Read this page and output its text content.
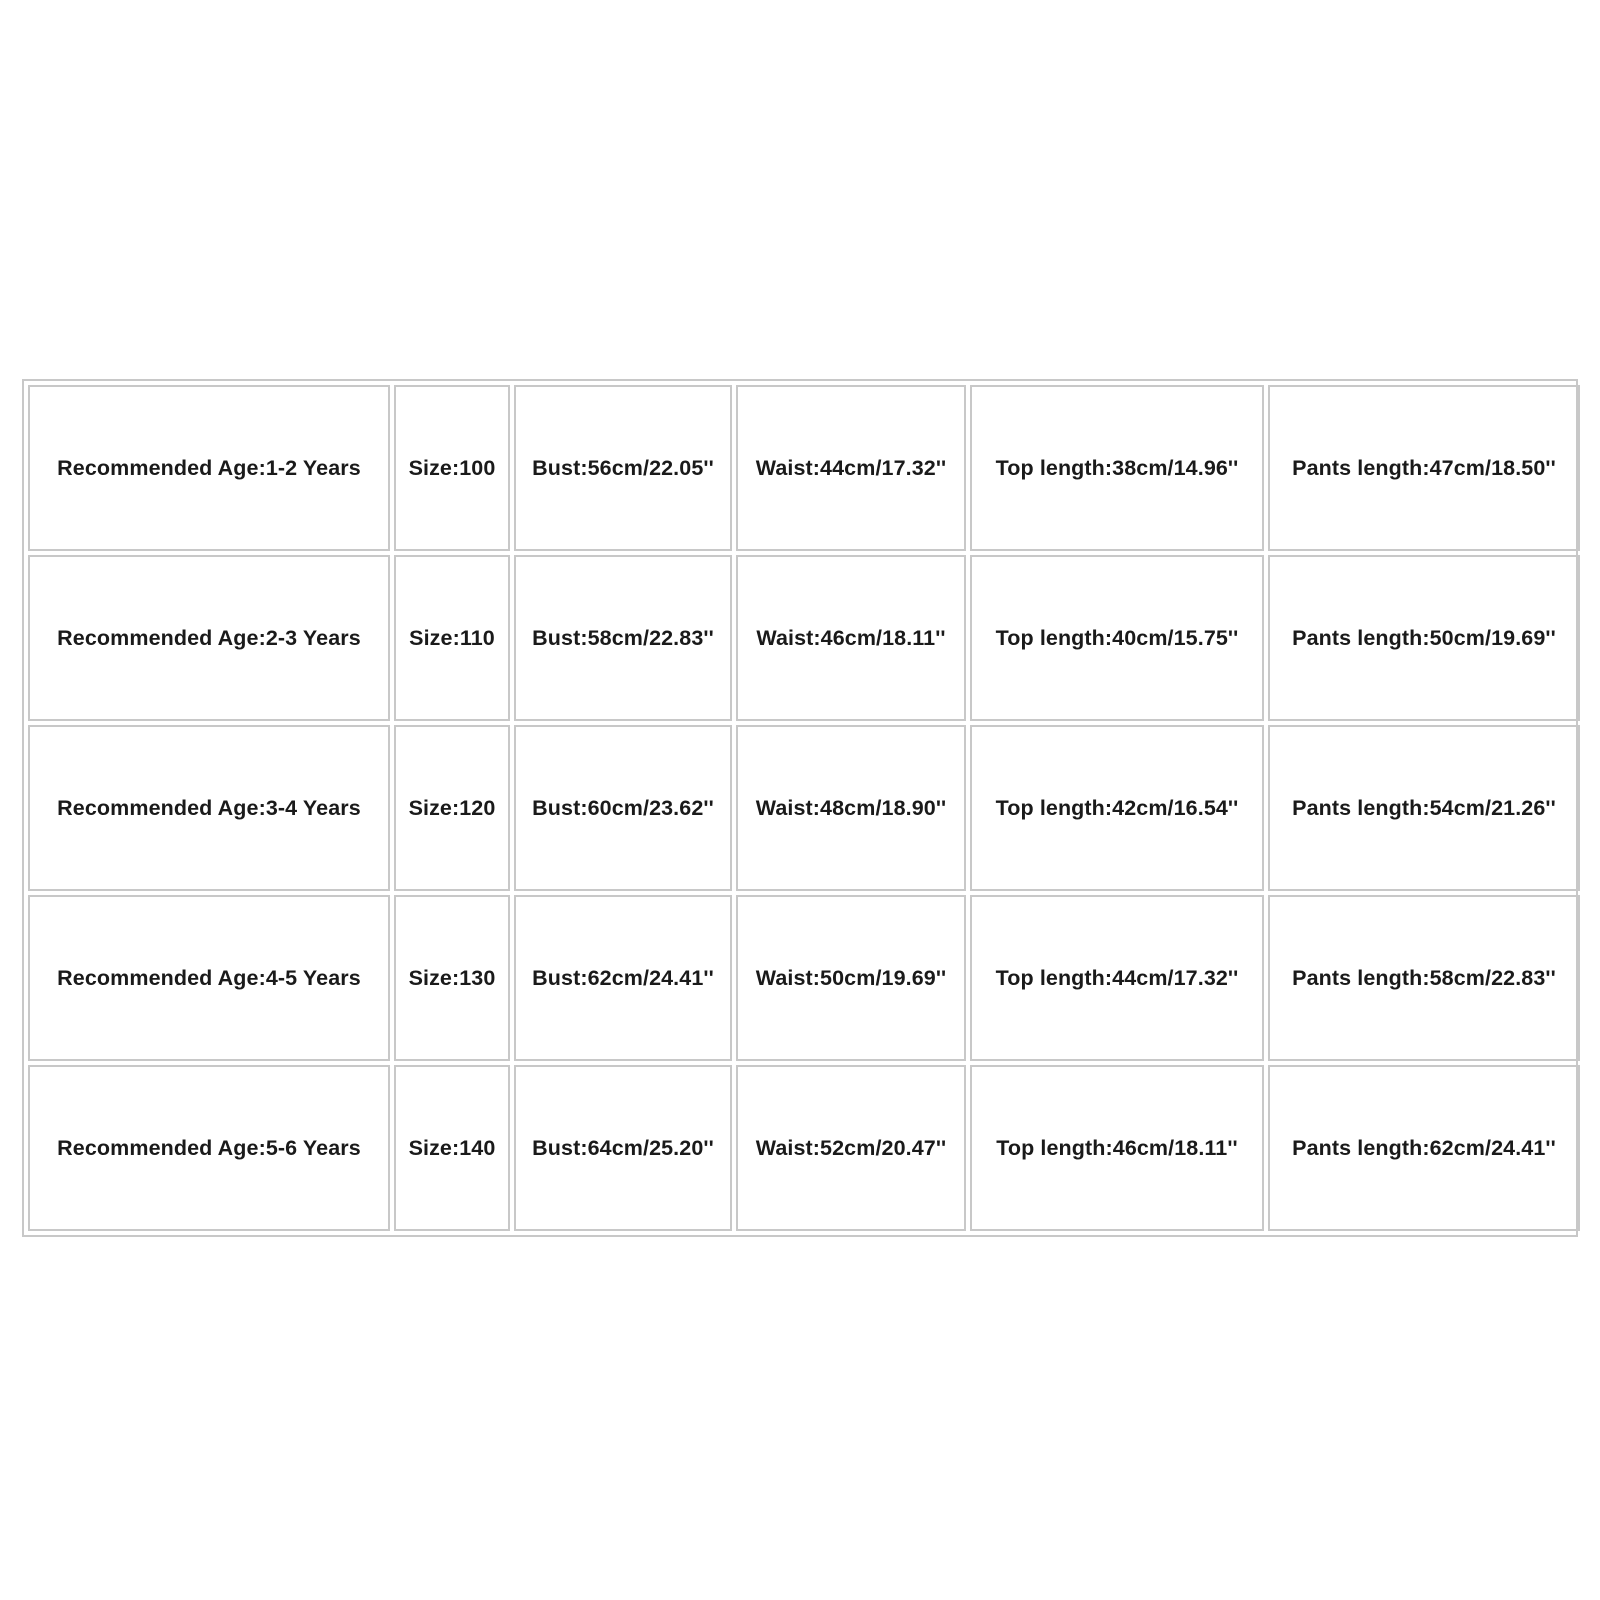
Recommended Age:1-2 Years	Size:100	Bust:56cm/22.05''	Waist:44cm/17.32''	Top length:38cm/14.96''	Pants length:47cm/18.50''
Recommended Age:2-3 Years	Size:110	Bust:58cm/22.83''	Waist:46cm/18.11''	Top length:40cm/15.75''	Pants length:50cm/19.69''
Recommended Age:3-4 Years	Size:120	Bust:60cm/23.62''	Waist:48cm/18.90''	Top length:42cm/16.54''	Pants length:54cm/21.26''
Recommended Age:4-5 Years	Size:130	Bust:62cm/24.41''	Waist:50cm/19.69''	Top length:44cm/17.32''	Pants length:58cm/22.83''
Recommended Age:5-6 Years	Size:140	Bust:64cm/25.20''	Waist:52cm/20.47''	Top length:46cm/18.11''	Pants length:62cm/24.41''
